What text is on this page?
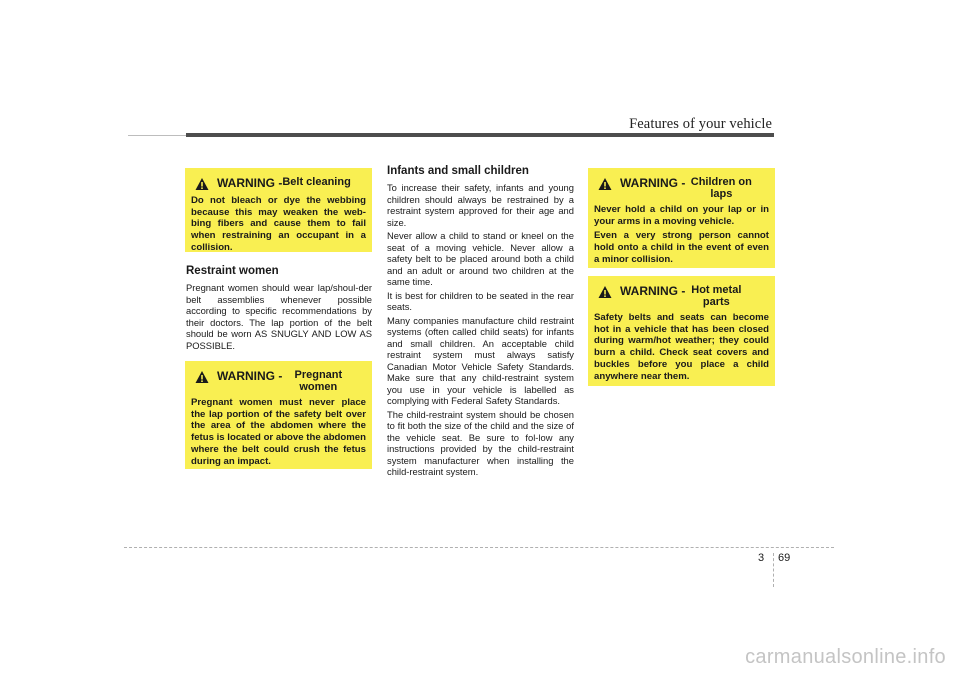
Features of your vehicle
WARNING - Belt cleaning

Do not bleach or dye the webbing because this may weaken the web-bing fibers and cause them to fail when restraining an occupant in a collision.

Restraint women

Pregnant women should wear lap/shoul-der belt assemblies whenever possible according to specific recommendations by their doctors. The lap portion of the belt should be worn AS SNUGLY AND LOW AS POSSIBLE.

WARNING -	Pregnant women

Pregnant women must never place the lap portion of the safety belt over the area of the abdomen where the fetus is located or above the abdomen where the belt could crush the fetus during an impact.

Infants and small children

To increase their safety, infants and young children should always be restrained by a restraint system approved for their age and size.

Never allow a child to stand or kneel on the seat of a moving vehicle. Never allow a safety belt to be placed around both a child and an adult or around two children at the same time.

It is best for children to be seated in the rear seats.

Many companies manufacture child restraint systems (often called child seats) for infants and small children. An acceptable child restraint system must always satisfy Canadian Motor Vehicle Safety Standards. Make sure that any child-restraint system you use in your vehicle is labelled as complying with Federal Safety Standards.

The child-restraint system should be chosen to fit both the size of the child and the size of the vehicle seat. Be sure to fol-low any instructions provided by the child-restraint system manufacturer when installing the child-restraint system.

WARNING - Children on laps

Never hold a child on your lap or in your arms in a moving vehicle.

Even a very strong person cannot hold onto a child in the event of even a minor collision.

WARNING - Hot metal parts

Safety belts and seats can become hot in a vehicle that has been closed during warm/hot weather; they could burn a child. Check seat covers and buckles before you place a child anywhere near them.

3 69
carmanualsonline.info
